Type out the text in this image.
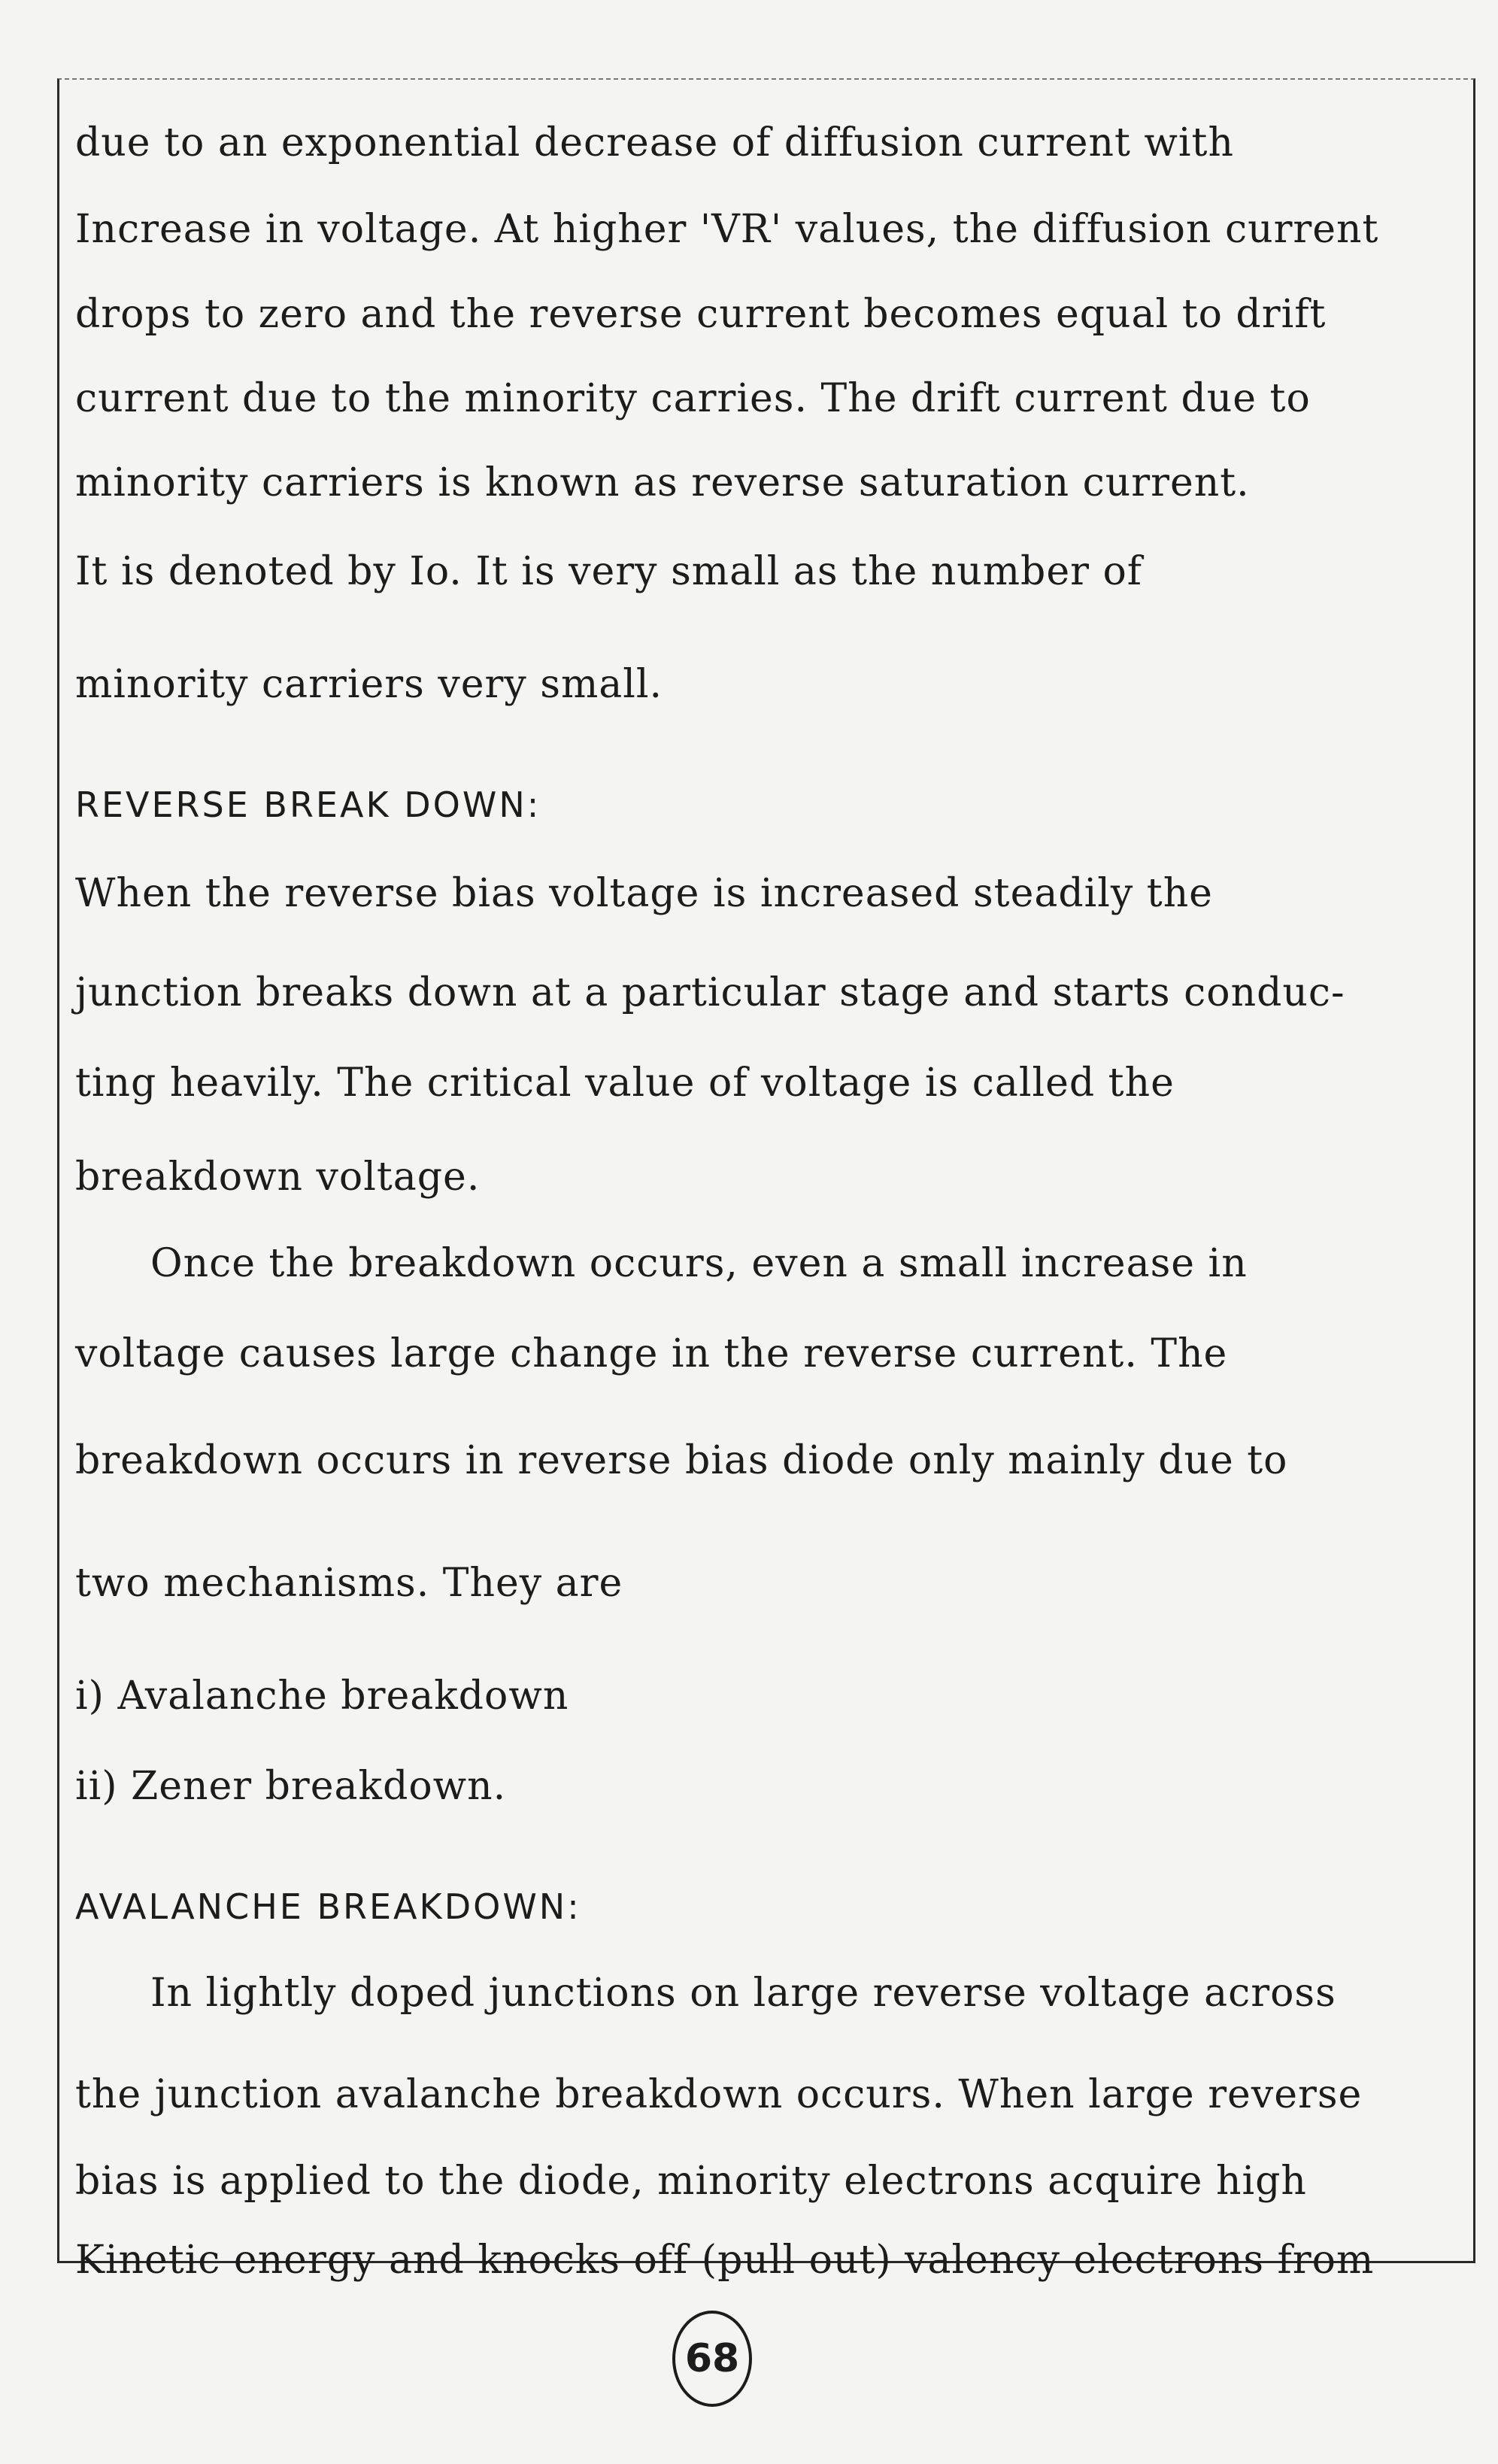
due to an exponential decrease of diffusion current with
Increase in voltage. At higher 'VR' values, the diffusion current
drops to zero and the reverse current becomes equal to drift
current due to the minority carries. The drift current due to
minority carriers is known as reverse saturation current.
It is denoted by Io. It is very small as the number of
minority carriers very small.
REVERSE BREAK DOWN:
When the reverse bias voltage is increased steadily the
junction breaks down at a particular stage and starts conduc-
ting heavily. The critical value of voltage is called the
breakdown voltage.
Once the breakdown occurs, even a small increase in
voltage causes large change in the reverse current. The
breakdown occurs in reverse bias diode only mainly due to
two mechanisms. They are
i) Avalanche breakdown
ii) Zener breakdown.
AVALANCHE BREAKDOWN:
In lightly doped junctions on large reverse voltage across
the junction avalanche breakdown occurs. When large reverse
bias is applied to the diode, minority electrons acquire high
Kinetic energy and knocks off (pull out) valency electrons from
68
